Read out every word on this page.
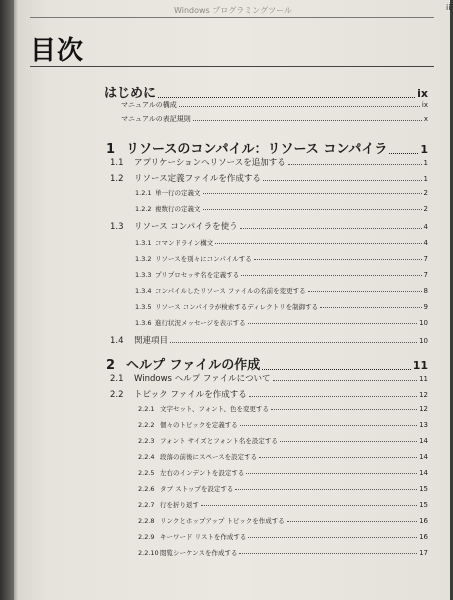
Windows プログラミングツール	iii
目次
はじめに	ix
マニュアルの構成	ix
マニュアルの表記規則	x
1 リソースのコンパイル：リソース コンパイラ	1
1.1	アプリケーションへリソースを追加する	1
1.2	リソース定義ファイルを作成する	1
1.2.1 単一行の定義文	2
1.2.2 複数行の定義文	2
1.3	リソース コンパイラを使う	4
1.3.1 コマンドライン構文	4
1.3.2 リソースを別々にコンパイルする	7
1.3.3 プリプロセッサ名を定義する	7
1.3.4 コンパイルしたリソース ファイルの名前を変更する	8
1.3.5 リソース コンパイラが検索するディレクトリを制御する	9
1.3.6 進行状況メッセージを表示する	10
1.4	関連項目	10
2 ヘルプ ファイルの作成	11
2.1	Windows ヘルプ ファイルについて	11
2.2	トピック ファイルを作成する	12
2.2.1 文字セット、フォント、色を変更する	12
2.2.2 個々のトピックを定義する	13
2.2.3 フォント サイズとフォント名を設定する	14
2.2.4 段落の前後にスペースを設定する	14
2.2.5 左右のインデントを設定する	14
2.2.6 タブ ストップを設定する	15
2.2.7 行を折り返す	15
2.2.8 リンクとホップアップ トピックを作成する	16
2.2.9 キーワード リストを作成する	16
2.2.10 閲覧シーケンスを作成する	17
